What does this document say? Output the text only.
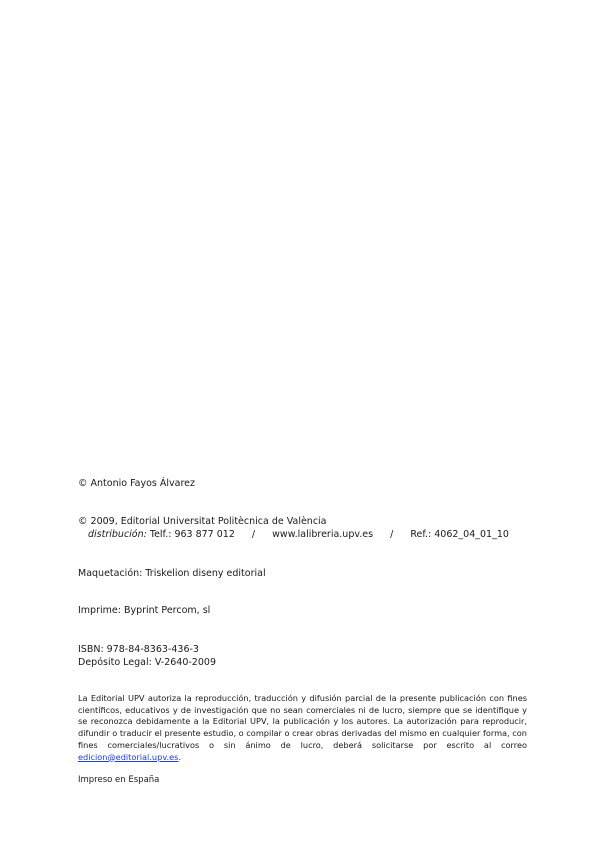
© Antonio Fayos Álvarez
© 2009, Editorial Universitat Politècnica de València
distribución: Telf.: 963 877 012 / www.lalibreria.upv.es / Ref.: 4062_04_01_10
Maquetación: Triskelion diseny editorial
Imprime: Byprint Percom, sl
ISBN: 978-84-8363-436-3
Depósito Legal: V-2640-2009
La Editorial UPV autoriza la reproducción, traducción y difusión parcial de la presente publicación con fines científicos, educativos y de investigación que no sean comerciales ni de lucro, siempre que se identifique y se reconozca debidamente a la Editorial UPV, la publicación y los autores. La autorización para reproducir, difundir o traducir el presente estudio, o compilar o crear obras derivadas del mismo en cualquier forma, con fines comerciales/lucrativos o sin ánimo de lucro, deberá solicitarse por escrito al correo edicion@editorial.upv.es.
Impreso en España
